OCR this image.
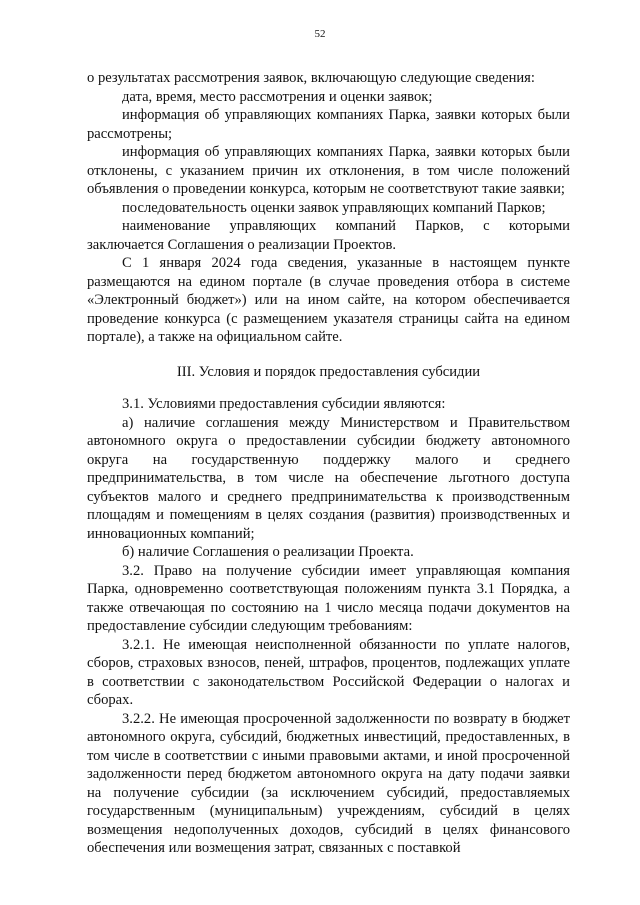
52

о результатах рассмотрения заявок, включающую следующие сведения:

дата, время, место рассмотрения и оценки заявок;

информация об управляющих компаниях Парка, заявки которых были рассмотрены;

информация об управляющих компаниях Парка, заявки которых были отклонены, с указанием причин их отклонения, в том числе положений объявления о проведении конкурса, которым не соответствуют такие заявки;

последовательность оценки заявок управляющих компаний Парков;

наименование управляющих компаний Парков, с которыми заключается Соглашения о реализации Проектов.

С 1 января 2024 года сведения, указанные в настоящем пункте размещаются на едином портале (в случае проведения отбора в системе «Электронный бюджет») или на ином сайте, на котором обеспечивается проведение конкурса (с размещением указателя страницы сайта на едином портале), а также на официальном сайте.

III. Условия и порядок предоставления субсидии

3.1. Условиями предоставления субсидии являются:

а) наличие соглашения между Министерством и Правительством автономного округа о предоставлении субсидии бюджету автономного округа на государственную поддержку малого и среднего предпринимательства, в том числе на обеспечение льготного доступа субъектов малого и среднего предпринимательства к производственным площадям и помещениям в целях создания (развития) производственных и инновационных компаний;

б) наличие Соглашения о реализации Проекта.

3.2. Право на получение субсидии имеет управляющая компания Парка, одновременно соответствующая положениям пункта 3.1 Порядка, а также отвечающая по состоянию на 1 число месяца подачи документов на предоставление субсидии следующим требованиям:

3.2.1. Не имеющая неисполненной обязанности по уплате налогов, сборов, страховых взносов, пеней, штрафов, процентов, подлежащих уплате в соответствии с законодательством Российской Федерации о налогах и сборах.

3.2.2. Не имеющая просроченной задолженности по возврату в бюджет автономного округа, субсидий, бюджетных инвестиций, предоставленных, в том числе в соответствии с иными правовыми актами, и иной просроченной задолженности перед бюджетом автономного округа на дату подачи заявки на получение субсидии (за исключением субсидий, предоставляемых государственным (муниципальным) учреждениям, субсидий в целях возмещения недополученных доходов, субсидий в целях финансового обеспечения или возмещения затрат, связанных с поставкой
